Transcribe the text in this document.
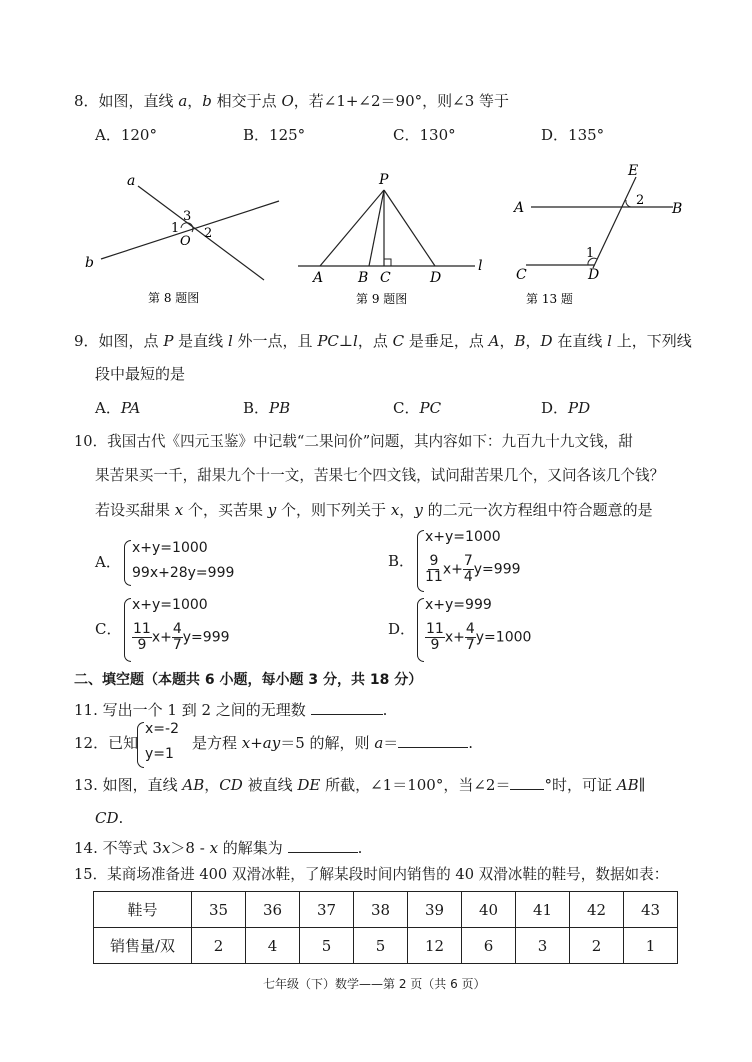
8．如图，直线 a，b 相交于点 O，若∠1+∠2＝90°，则∠3 等于
A．120°	B．125°	C．130°	D．135°
a
b
3
1 2
O
第 8 题图
P
A B C	D
l
第 9 题图
E
A	B
C	D
1
2
第 13 题
9．如图，点 P 是直线 l 外一点，且 PC⊥l，点 C 是垂足，点 A，B，D 在直线 l 上，下列线
段中最短的是
A．PA	B．PB	C．PC	D．PD
10．我国古代《四元玉鉴》中记载“二果问价”问题，其内容如下：九百九十九文钱，甜
果苦果买一千，甜果九个十一文，苦果七个四文钱，试问甜苦果几个，又问各该几个钱？
若设买甜果 x 个，买苦果 y 个，则下列关于 x，y 的二元一次方程组中符合题意的是
A．
x+y=1000
99x+28y=999
B．
x+y=1000
$\frac{9}{11} x+ \frac{7}{4} y=999$
C．
x+y=1000
$\frac{11}{9} x+ \frac{4}{7} y=999$	D．
x+y=999
$\frac{11}{9} x+ \frac{4}{7} y=1000$
二、填空题（本题共 6 小题，每小题 3 分，共 18 分）
11. 写出一个 1 到 2 之间的无理数	.
12．已知
x=-2
y=1
是方程 x+ay＝5 的解，则 a＝	.
13. 如图，直线 AB，CD 被直线 DE 所截，∠1＝100°，当∠2＝ °时，可证 AB∥
CD.
14. 不等式 3x＞8 - x 的解集为	.
15．某商场准备进 400 双滑冰鞋，了解某段时间内销售的 40 双滑冰鞋的鞋号，数据如表：
鞋号	35	36	37	38	39	40	41	42	43
销售量/双	2	4	5	5	12	6	3	2	1
七年级（下）数学——第 2 页（共 6 页）
